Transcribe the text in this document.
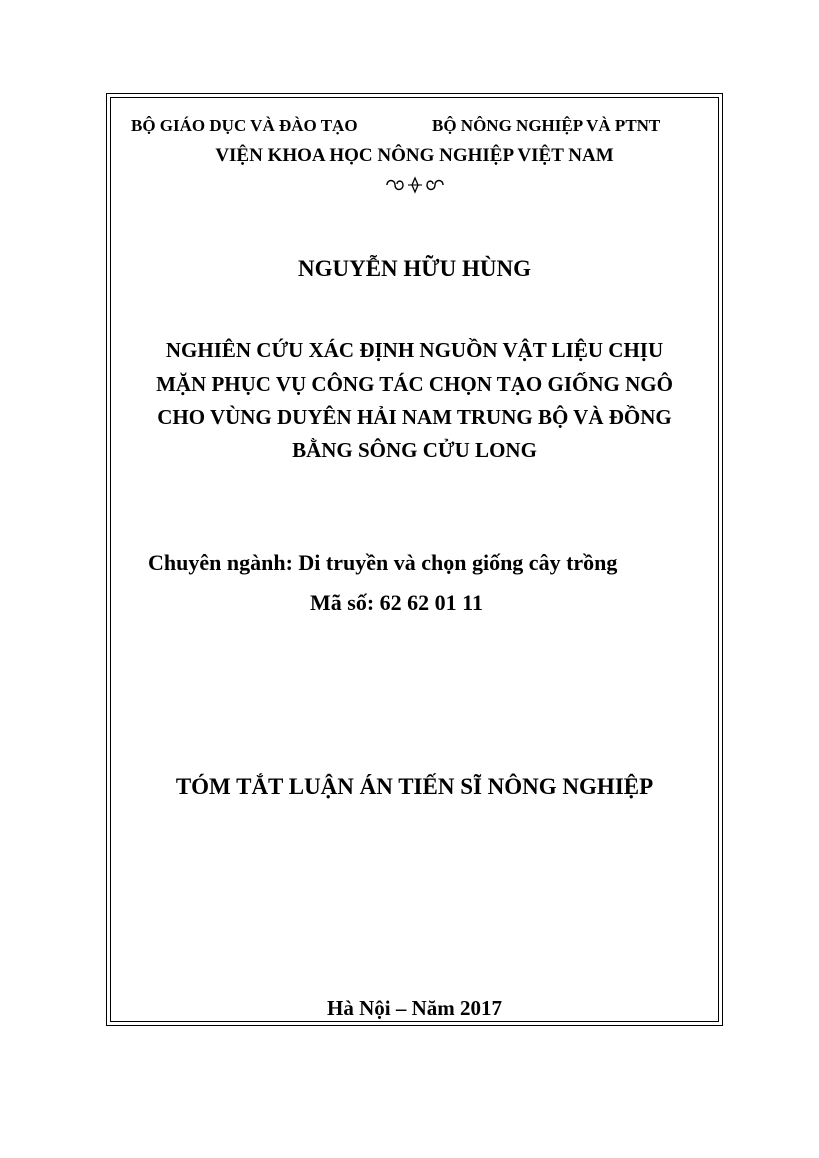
BỘ GIÁO DỤC VÀ ĐÀO TẠO	BỘ NÔNG NGHIỆP VÀ PTNT
VIỆN KHOA HỌC NÔNG NGHIỆP VIỆT NAM
NGUYỄN HỮU HÙNG
NGHIÊN CỨU XÁC ĐỊNH NGUỒN VẬT LIỆU CHỊU
MẶN PHỤC VỤ CÔNG TÁC CHỌN TẠO GIỐNG NGÔ
CHO VÙNG DUYÊN HẢI NAM TRUNG BỘ VÀ ĐỒNG
BẰNG SÔNG CỬU LONG
Chuyên ngành: Di truyền và chọn giống cây trồng
Mã số: 62 62 01 11
TÓM TẮT LUẬN ÁN TIẾN SĨ NÔNG NGHIỆP
Hà Nội – Năm 2017
